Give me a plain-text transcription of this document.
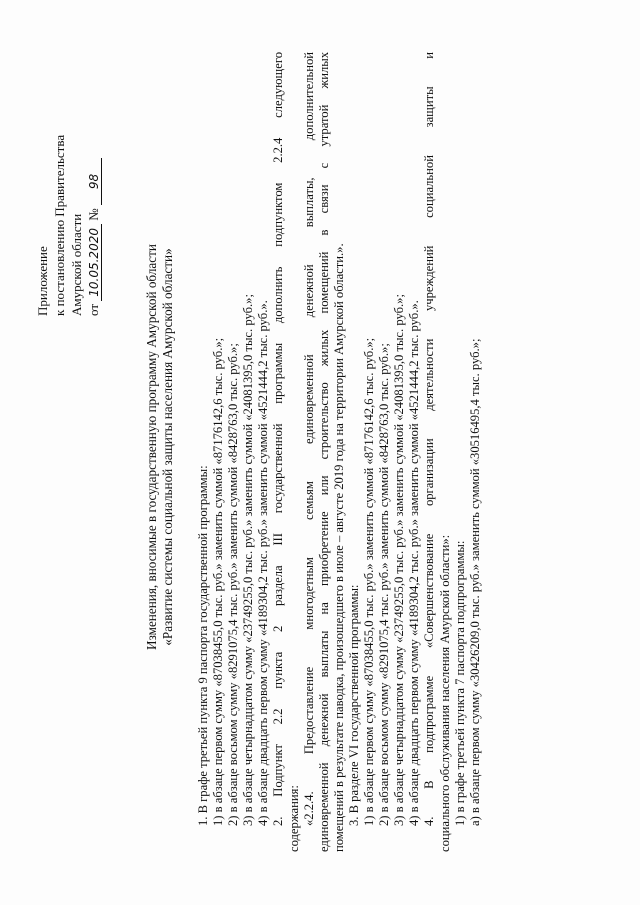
Приложение к постановлению Правительства Амурской области от 10.05.2020 № 98
Изменения, вносимые в государственную программу Амурской области «Развитие системы социальной защиты населения Амурской области» 1. В графе третьей пункта 9 паспорта государственной программы: 1) в абзаце первом сумму «87038455,0 тыс. руб.» заменить суммой «87176142,6 тыс. руб.»; 2) в абзаце восьмом сумму «8291075,4 тыс. руб.» заменить суммой «8428763,0 тыс. руб.»; 3) в абзаце четырнадцатом сумму «23749255,0 тыс. руб.» заменить суммой «24081395,0 тыс. руб.»; 4) в абзаце двадцать первом сумму «4189304,2 тыс. руб.» заменить суммой «4521444,2 тыс. руб.». 2. Подпункт 2.2 пункта 2 раздела III государственной программы дополнить подпунктом 2.2.4 следующего содержания: «2.2.4. Предоставление многодетным семьям единовременной денежной выплаты, дополнительной единовременной денежной выплаты на приобретение или строительство жилых помещений в связи с утратой жилых помещений в результате паводка, произошедшего в июле – августе 2019 года на территории Амурской области.». 3. В разделе VI государственной программы: 1) в абзаце первом сумму «87038455,0 тыс. руб.» заменить суммой «87176142,6 тыс. руб.»; 2) в абзаце восьмом сумму «8291075,4 тыс. руб.» заменить суммой «8428763,0 тыс. руб.»; 3) в абзаце четырнадцатом сумму «23749255,0 тыс. руб.» заменить суммой «24081395,0 тыс. руб.»; 4) в абзаце двадцать первом сумму «4189304,2 тыс. руб.» заменить суммой «4521444,2 тыс. руб.». 4. В подпрограмме «Совершенствование организации деятельности учреждений социальной защиты и социального обслуживания населения Амурской области»: 1) в графе третьей пункта 7 паспорта подпрограммы: а) в абзаце первом сумму «30426209,0 тыс. руб.» заменить суммой «30516495,4 тыс. руб.»;
